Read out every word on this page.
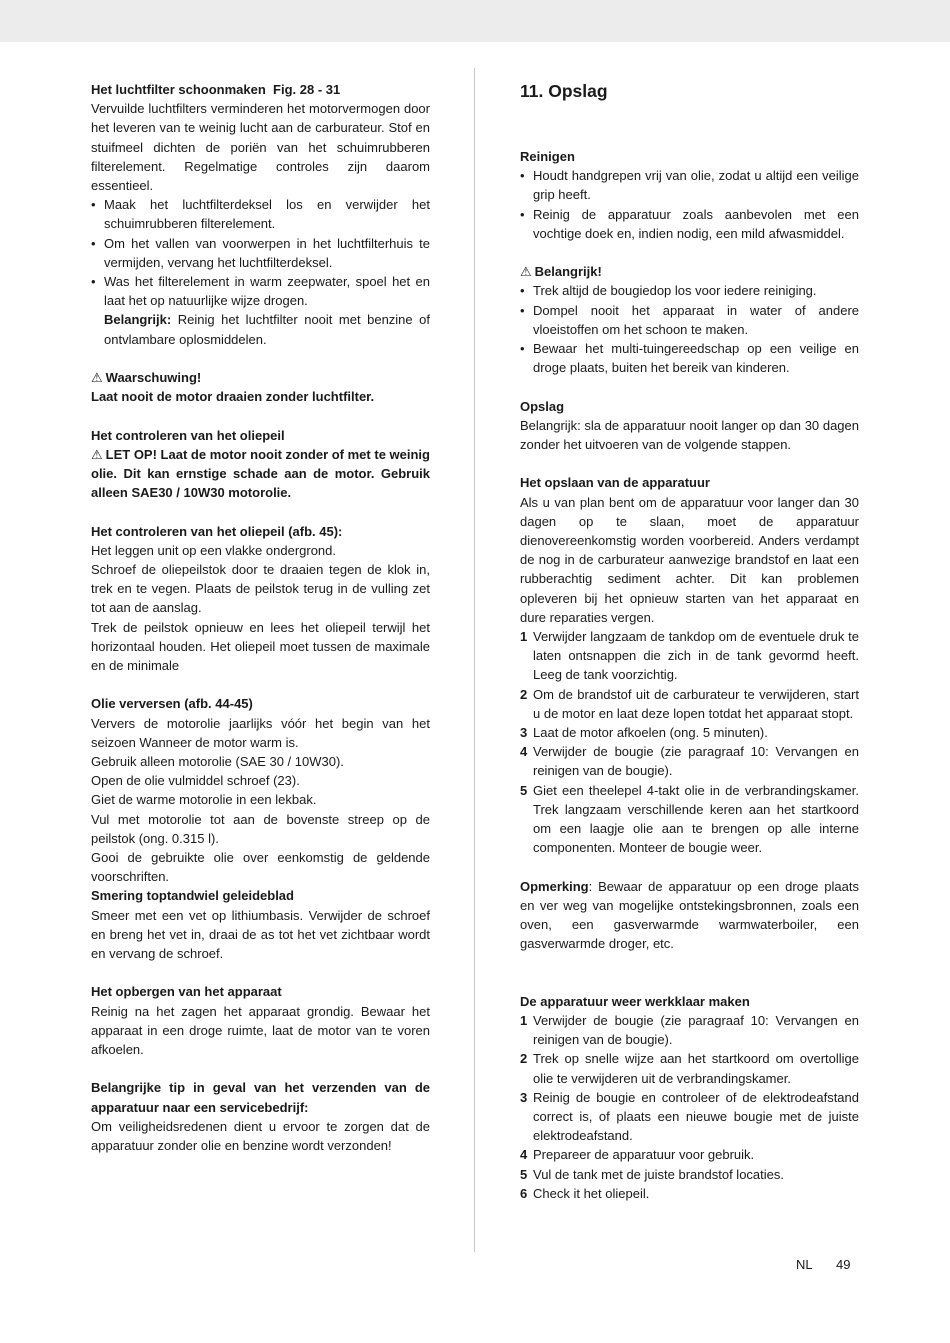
Het luchtfilter schoonmaken Fig. 28 - 31

Vervuilde luchtfilters verminderen het motorvermogen door het leveren van te weinig lucht aan de carburateur. Stof en stuifmeel dichten de poriën van het schuimrubberen filterelement. Regelmatige controles zijn daarom essentieel.

• Maak het luchtfilterdeksel los en verwijder het schuimrubberen filterelement.

• Om het vallen van voorwerpen in het luchtfilterhuis te vermijden, vervang het luchtfilterdeksel.

• Was het filterelement in warm zeepwater, spoel het en laat het op natuurlijke wijze drogen.

Belangrijk: Reinig het luchtfilter nooit met benzine of ontvlambare oplosmiddelen.

⚠ Waarschuwing!

Laat nooit de motor draaien zonder luchtfilter.

Het controleren van het oliepeil

⚠ LET OP! Laat de motor nooit zonder of met te weinig olie. Dit kan ernstige schade aan de motor. Gebruik alleen SAE30 / 10W30 motorolie.

Het controleren van het oliepeil (afb. 45):

Het leggen unit op een vlakke ondergrond.

Schroef de oliepeilstok door te draaien tegen de klok in, trek en te vegen. Plaats de peilstok terug in de vulling zet tot aan de aanslag.

Trek de peilstok opnieuw en lees het oliepeil terwijl het horizontaal houden. Het oliepeil moet tussen de maximale en de minimale

Olie verversen (afb. 44-45)

Ververs de motorolie jaarlijks vóór het begin van het seizoen Wanneer de motor warm is.

Gebruik alleen motorolie (SAE 30 / 10W30).

Open de olie vulmiddel schroef (23).

Giet de warme motorolie in een lekbak.

Vul met motorolie tot aan de bovenste streep op de peilstok (ong. 0.315 l).

Gooi de gebruikte olie over eenkomstig de geldende voorschriften.

Smering toptandwiel geleideblad

Smeer met een vet op lithiumbasis. Verwijder de schroef en breng het vet in, draai de as tot het vet zichtbaar wordt en vervang de schroef.

Het opbergen van het apparaat

Reinig na het zagen het apparaat grondig. Bewaar het apparaat in een droge ruimte, laat de motor van te voren afkoelen.

Belangrijke tip in geval van het verzenden van de apparatuur naar een servicebedrijf:

Om veiligheidsredenen dient u ervoor te zorgen dat de apparatuur zonder olie en benzine wordt verzonden!

11. Opslag

Reinigen

• Houdt handgrepen vrij van olie, zodat u altijd een veilige grip heeft.

• Reinig de apparatuur zoals aanbevolen met een vochtige doek en, indien nodig, een mild afwasmiddel.

⚠ Belangrijk!

• Trek altijd de bougiedop los voor iedere reiniging.

• Dompel nooit het apparaat in water of andere vloeistoffen om het schoon te maken.

• Bewaar het multi-tuingereedschap op een veilige en droge plaats, buiten het bereik van kinderen.

Opslag

Belangrijk: sla de apparatuur nooit langer op dan 30 dagen zonder het uitvoeren van de volgende stappen.

Het opslaan van de apparatuur

Als u van plan bent om de apparatuur voor langer dan 30 dagen op te slaan, moet de apparatuur dienovereenkomstig worden voorbereid. Anders verdampt de nog in de carburateur aanwezige brandstof en laat een rubberachtig sediment achter. Dit kan problemen opleveren bij het opnieuw starten van het apparaat en dure reparaties vergen.

1 Verwijder langzaam de tankdop om de eventuele druk te laten ontsnappen die zich in de tank gevormd heeft. Leeg de tank voorzichtig.

2 Om de brandstof uit de carburateur te verwijderen, start u de motor en laat deze lopen totdat het apparaat stopt.

3 Laat de motor afkoelen (ong. 5 minuten).

4 Verwijder de bougie (zie paragraaf 10: Vervangen en reinigen van de bougie).

5 Giet een theelepel 4-takt olie in de verbrandingskamer. Trek langzaam verschillende keren aan het startkoord om een laagje olie aan te brengen op alle interne componenten. Monteer de bougie weer.

Opmerking: Bewaar de apparatuur op een droge plaats en ver weg van mogelijke ontstekingsbronnen, zoals een oven, een gasverwarmde warmwaterboiler, een gasverwarmde droger, etc.

De apparatuur weer werkklaar maken

1 Verwijder de bougie (zie paragraaf 10: Vervangen en reinigen van de bougie).

2 Trek op snelle wijze aan het startkoord om overtollige olie te verwijderen uit de verbrandingskamer.

3 Reinig de bougie en controleer of de elektrodeafstand correct is, of plaats een nieuwe bougie met de juiste elektrodeafstand.

4 Prepareer de apparatuur voor gebruik.

5 Vul de tank met de juiste brandstof locaties.

6 Check it het oliepeil.

NL 49
